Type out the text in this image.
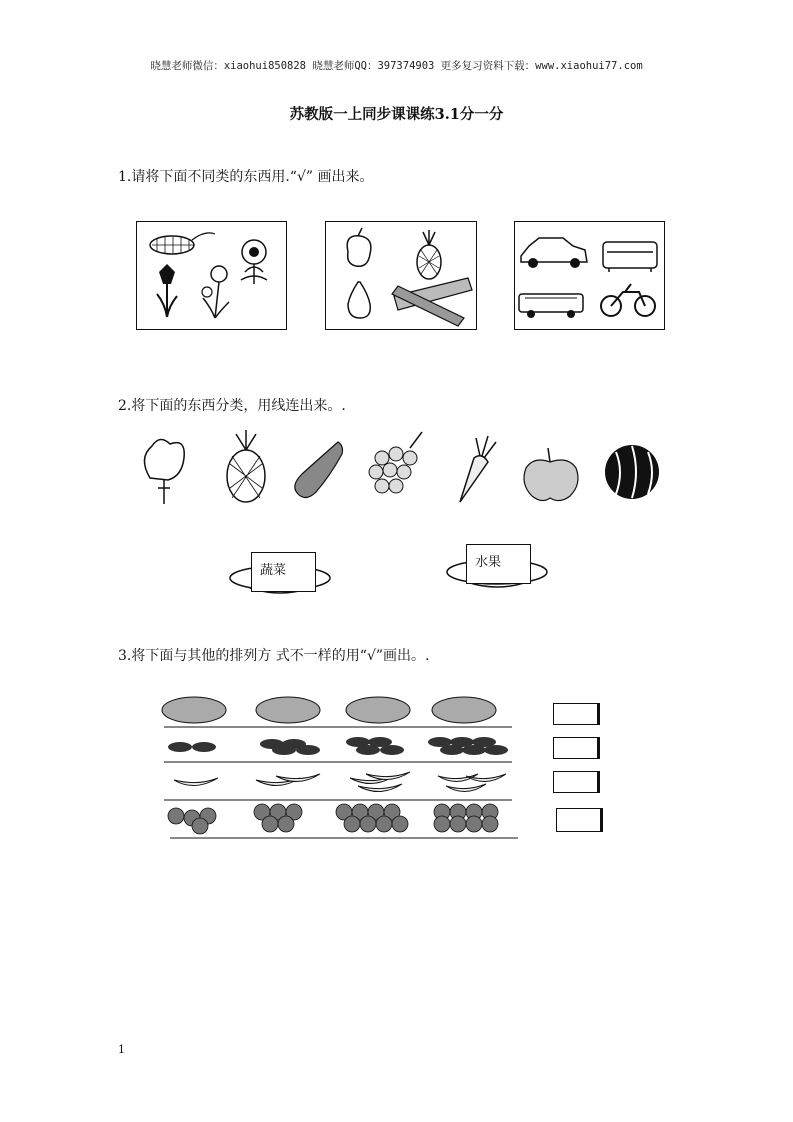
晓慧老师微信：xiaohui850828 晓慧老师QQ：397374903 更多复习资料下载：www.xiaohui77.com
苏教版一上同步课课练3.1分一分
1.请将下面不同类的东西用.“√” 画出来。
2.将下面的东西分类，用线连出来。.
蔬菜
水果
3.将下面与其他的排列方 式不一样的用“√”画出。.
1
